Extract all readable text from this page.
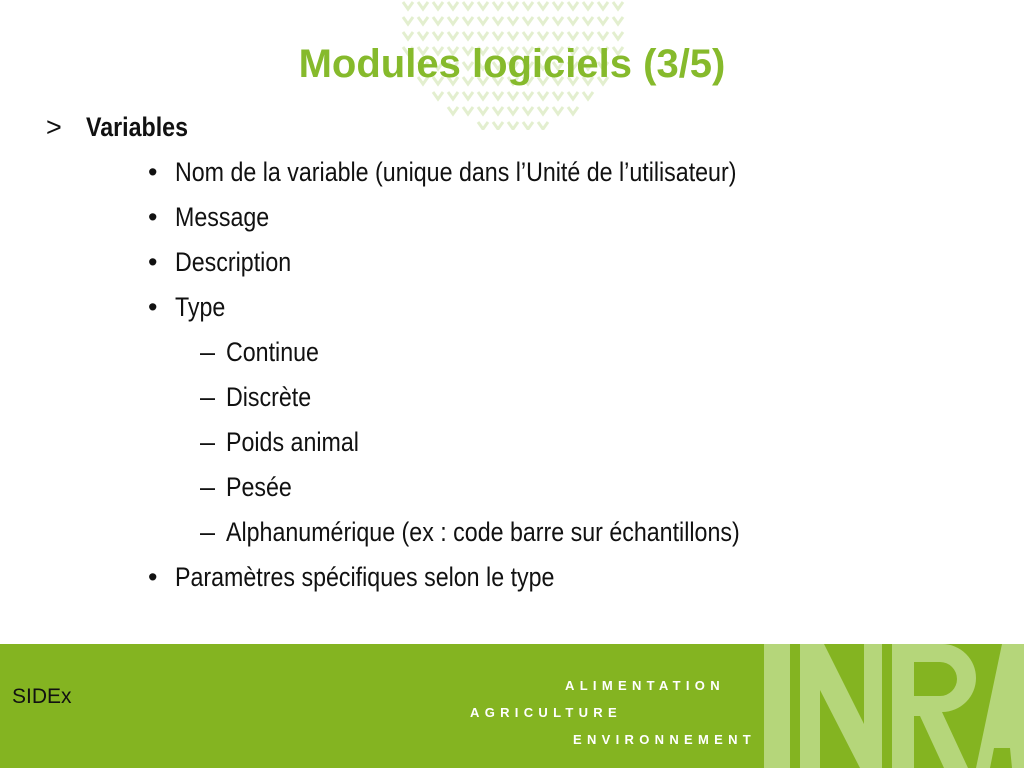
Modules logiciels (3/5)
> Variables
• Nom de la variable (unique dans l’Unité de l’utilisateur)
• Message
• Description
• Type
– Continue
– Discrète
– Poids animal
– Pesée
– Alphanumérique (ex : code barre sur échantillons)
• Paramètres spécifiques selon le type
SIDEx	ALIMENTATION
AGRICULTURE
ENVIRONNEMENT
